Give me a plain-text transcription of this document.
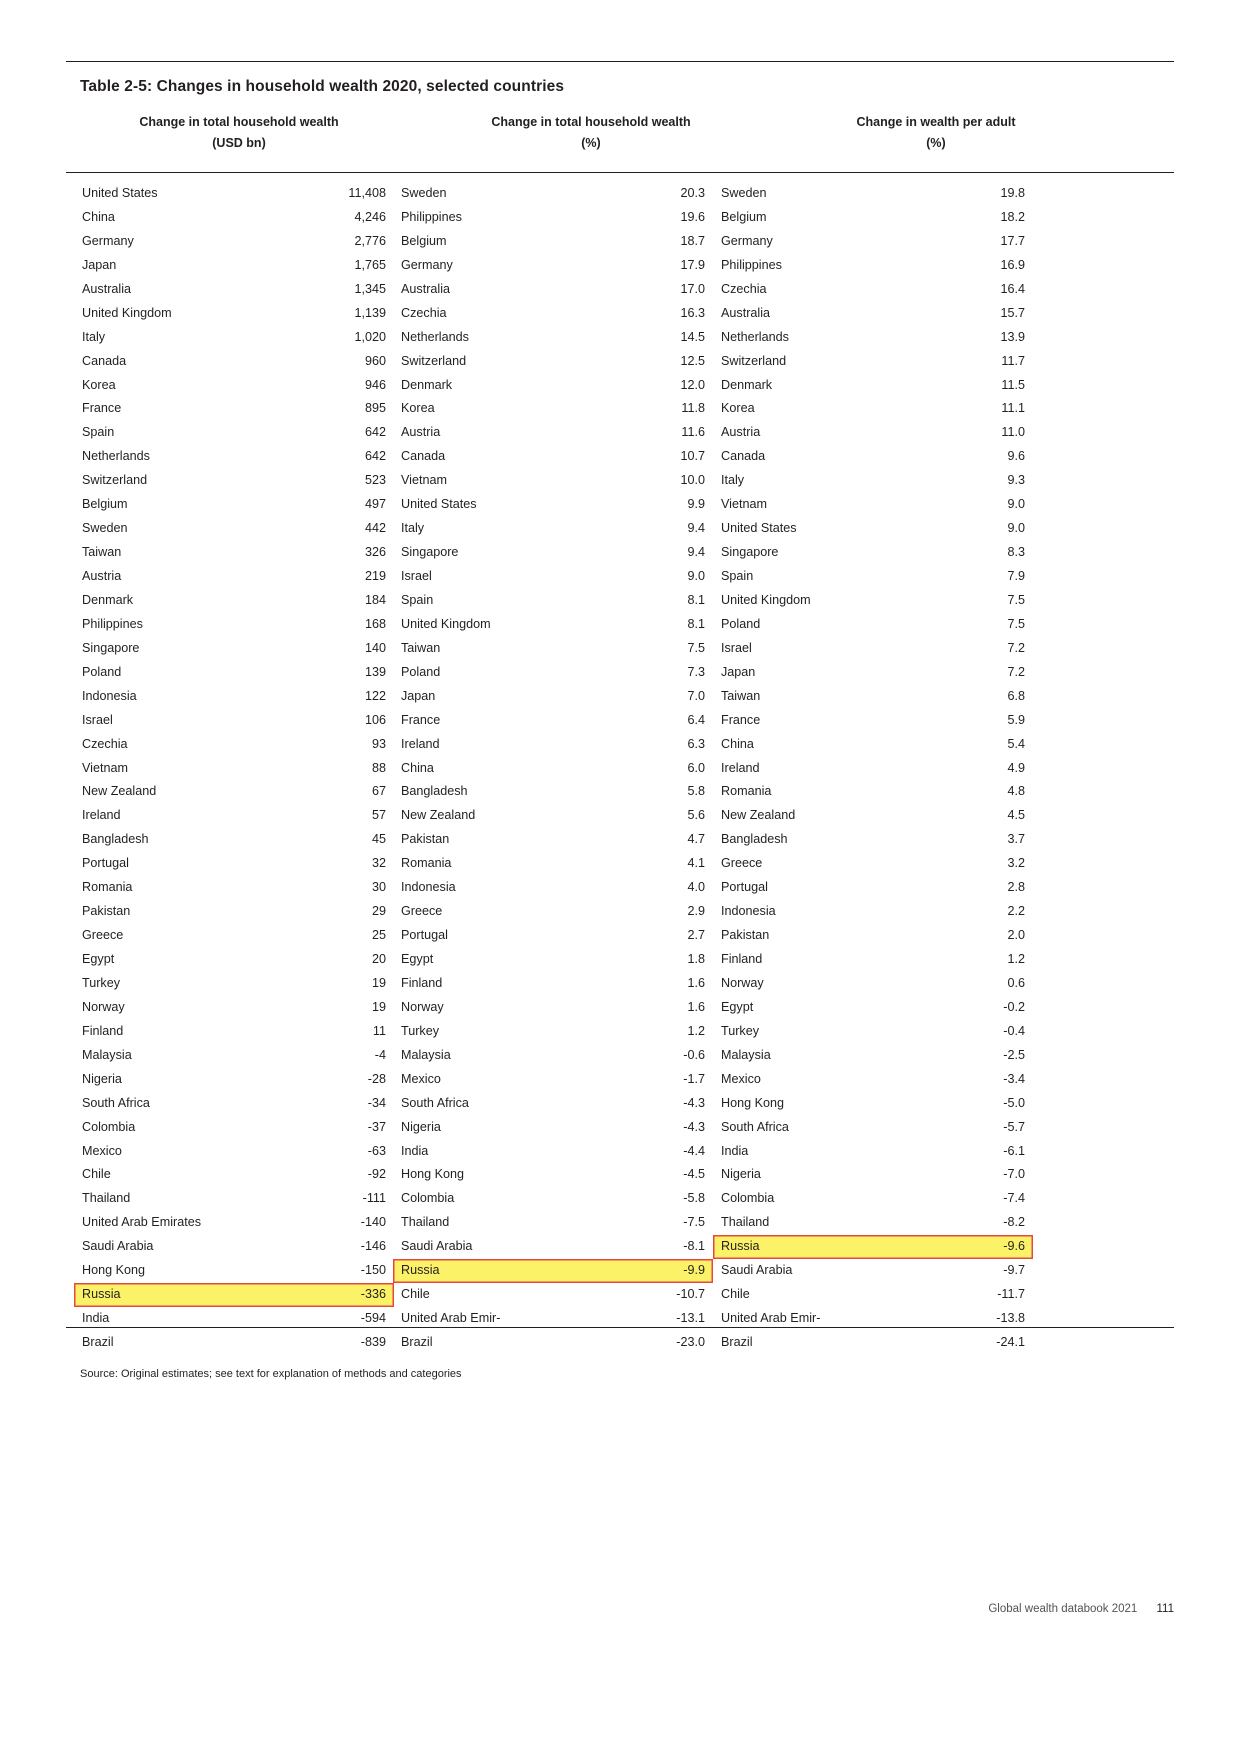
Table 2-5: Changes in household wealth 2020, selected countries
Change in total household wealth
(USD bn)
Change in total household wealth
(%)
Change in wealth per adult
(%)
United States	11,408
China	4,246
Germany	2,776
Japan	1,765
Australia	1,345
United Kingdom	1,139
Italy	1,020
Canada	960
Korea	946
France	895
Spain	642
Netherlands	642
Switzerland	523
Belgium	497
Sweden	442
Taiwan	326
Austria	219
Denmark	184
Philippines	168
Singapore	140
Poland	139
Indonesia	122
Israel	106
Czechia	93
Vietnam	88
New Zealand	67
Ireland	57
Bangladesh	45
Portugal	32
Romania	30
Pakistan	29
Greece	25
Egypt	20
Turkey	19
Norway	19
Finland	11
Malaysia	-4
Nigeria	-28
South Africa	-34
Colombia	-37
Mexico	-63
Chile	-92
Thailand	-111
United Arab Emirates	-140
Saudi Arabia	-146
Hong Kong	-150
Russia	-336
India	-594
Brazil	-839
Sweden	20.3
Philippines	19.6
Belgium	18.7
Germany	17.9
Australia	17.0
Czechia	16.3
Netherlands	14.5
Switzerland	12.5
Denmark	12.0
Korea	11.8
Austria	11.6
Canada	10.7
Vietnam	10.0
United States	9.9
Italy	9.4
Singapore	9.4
Israel	9.0
Spain	8.1
United Kingdom	8.1
Taiwan	7.5
Poland	7.3
Japan	7.0
France	6.4
Ireland	6.3
China	6.0
Bangladesh	5.8
New Zealand	5.6
Pakistan	4.7
Romania	4.1
Indonesia	4.0
Greece	2.9
Portugal	2.7
Egypt	1.8
Finland	1.6
Norway	1.6
Turkey	1.2
Malaysia	-0.6
Mexico	-1.7
South Africa	-4.3
Nigeria	-4.3
India	-4.4
Hong Kong	-4.5
Colombia	-5.8
Thailand	-7.5
Saudi Arabia	-8.1
Russia	-9.9
Chile	-10.7
United Arab Emir-	-13.1
Brazil	-23.0
Sweden	19.8
Belgium	18.2
Germany	17.7
Philippines	16.9
Czechia	16.4
Australia	15.7
Netherlands	13.9
Switzerland	11.7
Denmark	11.5
Korea	11.1
Austria	11.0
Canada	9.6
Italy	9.3
Vietnam	9.0
United States	9.0
Singapore	8.3
Spain	7.9
United Kingdom	7.5
Poland	7.5
Israel	7.2
Japan	7.2
Taiwan	6.8
France	5.9
China	5.4
Ireland	4.9
Romania	4.8
New Zealand	4.5
Bangladesh	3.7
Greece	3.2
Portugal	2.8
Indonesia	2.2
Pakistan	2.0
Finland	1.2
Norway	0.6
Egypt	-0.2
Turkey	-0.4
Malaysia	-2.5
Mexico	-3.4
Hong Kong	-5.0
South Africa	-5.7
India	-6.1
Nigeria	-7.0
Colombia	-7.4
Thailand	-8.2
Russia	-9.6
Saudi Arabia	-9.7
Chile	-11.7
United Arab Emir-	-13.8
Brazil	-24.1
Source: Original estimates; see text for explanation of methods and categories
Global wealth databook 2021 111
